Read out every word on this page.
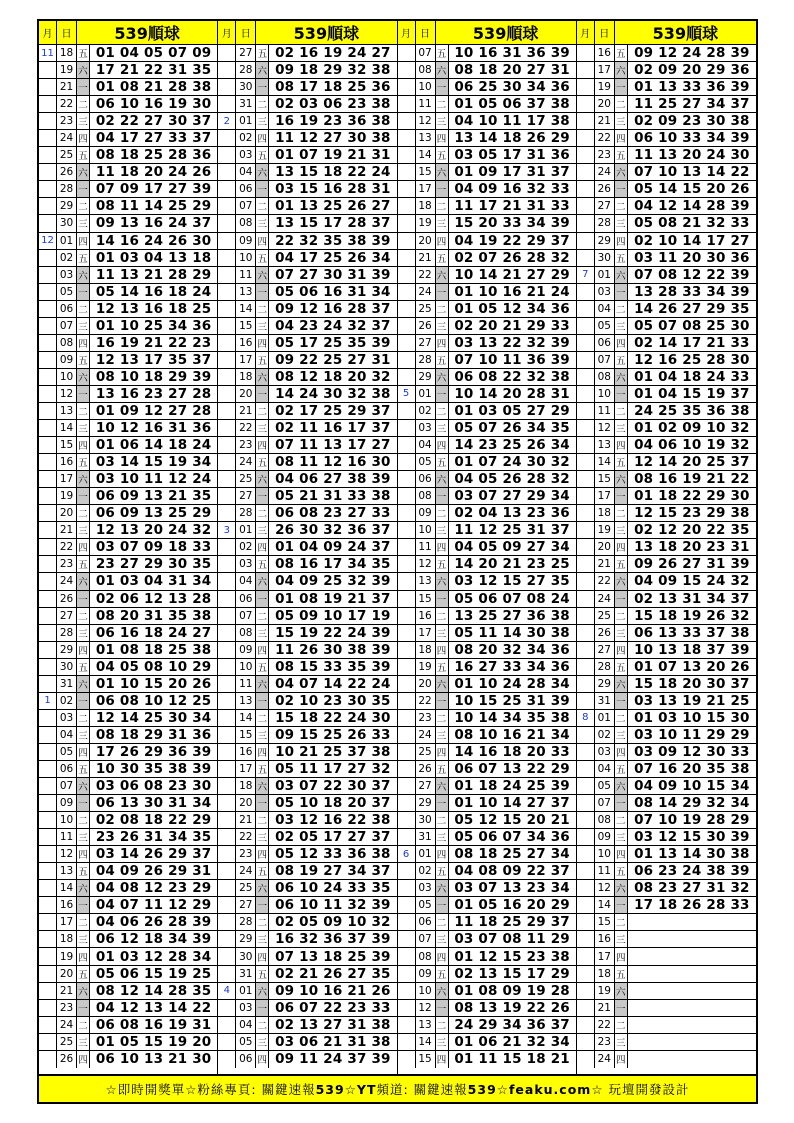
月 日	539順球
11 18 五 01 04 05 07 09
19 六 17 21 22 31 35
21 一 01 08 21 28 38
22 二 06 10 16 19 30
23 三 02 22 27 30 37
24 四 04 17 27 33 37
25 五 08 18 25 28 36
26 六 11 18 20 24 26
28 一 07 09 17 27 39
29 二 08 11 14 25 29
30 三 09 13 16 24 37
12 01 四 14 16 24 26 30
02 五 01 03 04 13 18
03 六 11 13 21 28 29
05 一 05 14 16 18 24
06 二 12 13 16 18 25
07 三 01 10 25 34 36
08 四 16 19 21 22 23
09 五 12 13 17 35 37
10 六 08 10 18 29 39
12 一 13 16 23 27 28
13 二 01 09 12 27 28
14 三 10 12 16 31 36
15 四 01 06 14 18 24
16 五 03 14 15 19 34
17 六 03 10 11 12 24
19 一 06 09 13 21 35
20 二 06 09 13 25 29
21 三 12 13 20 24 32
22 四 03 07 09 18 33
23 五 23 27 29 30 35
24 六 01 03 04 31 34
26 一 02 06 12 13 28
27 二 08 20 31 35 38
28 三 06 16 18 24 27
29 四 01 08 18 25 38
30 五 04 05 08 10 29
31 六 01 10 15 20 26
1 02 一 06 08 10 12 25
03 二 12 14 25 30 34
04 三 08 18 29 31 36
05 四 17 26 29 36 39
06 五 10 30 35 38 39
07 六 03 06 08 23 30
09 一 06 13 30 31 34
10 二 02 08 18 22 29
11 三 23 26 31 34 35
12 四 03 14 26 29 37
13 五 04 09 26 29 31
14 六 04 08 12 23 29
16 一 04 07 11 12 29
17 二 04 06 26 28 39
18 三 06 12 18 34 39
19 四 01 03 12 28 34
20 五 05 06 15 19 25
21 六 08 12 14 28 35
23 一 04 12 13 14 22
24 二 06 08 16 19 31
25 三 01 05 15 19 20
26 四 06 10 13 21 30
月 日	539順球
27 五 02 16 19 24 27
28 六 09 18 29 32 38
30 一 08 17 18 25 36
31 二 02 03 06 23 38
2 01 三 16 19 23 36 38
02 四 11 12 27 30 38
03 五 01 07 19 21 31
04 六 13 15 18 22 24
06 一 03 15 16 28 31
07 二 01 13 25 26 27
08 三 13 15 17 28 37
09 四 22 32 35 38 39
10 五 04 17 25 26 34
11 六 07 27 30 31 39
13 一 05 06 16 31 34
14 二 09 12 16 28 37
15 三 04 23 24 32 37
16 四 05 17 25 35 39
17 五 09 22 25 27 31
18 六 08 12 18 20 32
20 一 14 24 30 32 38
21 二 02 17 25 29 37
22 三 02 11 16 17 37
23 四 07 11 13 17 27
24 五 08 11 12 16 30
25 六 04 06 27 38 39
27 一 05 21 31 33 38
28 二 06 08 23 27 33
3 01 三 26 30 32 36 37
02 四 01 04 09 24 37
03 五 08 16 17 34 35
04 六 04 09 25 32 39
06 一 01 08 19 21 37
07 二 05 09 10 17 19
08 三 15 19 22 24 39
09 四 11 26 30 38 39
10 五 08 15 33 35 39
11 六 04 07 14 22 24
13 一 02 10 23 30 35
14 二 15 18 22 24 30
15 三 09 15 25 26 33
16 四 10 21 25 37 38
17 五 05 11 17 27 32
18 六 03 07 22 30 37
20 一 05 10 18 20 37
21 二 03 12 16 22 38
22 三 02 05 17 27 37
23 四 05 12 33 36 38
24 五 08 19 27 34 37
25 六 06 10 24 33 35
27 一 06 10 11 32 39
28 二 02 05 09 10 32
29 三 16 32 36 37 39
30 四 07 13 18 25 39
31 五 02 21 26 27 35
4 01 六 09 10 16 21 26
03 一 06 07 22 23 33
04 二 02 13 27 31 38
05 三 03 06 21 31 38
06 四 09 11 24 37 39
月 日	539順球
07 五 10 16 31 36 39
08 六 08 18 20 27 31
10 一 06 25 30 34 36
11 二 01 05 06 37 38
12 三 04 10 11 17 38
13 四 13 14 18 26 29
14 五 03 05 17 31 36
15 六 01 09 17 31 37
17 一 04 09 16 32 33
18 二 11 17 21 31 33
19 三 15 20 33 34 39
20 四 04 19 22 29 37
21 五 02 07 26 28 32
22 六 10 14 21 27 29
24 一 01 10 16 21 24
25 二 01 05 12 34 36
26 三 02 20 21 29 33
27 四 03 13 22 32 39
28 五 07 10 11 36 39
29 六 06 08 22 32 38
5 01 一 10 14 20 28 31
02 二 01 03 05 27 29
03 三 05 07 26 34 35
04 四 14 23 25 26 34
05 五 01 07 24 30 32
06 六 04 05 26 28 32
08 一 03 07 27 29 34
09 二 02 04 13 23 36
10 三 11 12 25 31 37
11 四 04 05 09 27 34
12 五 14 20 21 23 25
13 六 03 12 15 27 35
15 一 05 06 07 08 24
16 二 13 25 27 36 38
17 三 05 11 14 30 38
18 四 08 20 32 34 36
19 五 16 27 33 34 36
20 六 01 10 24 28 34
22 一 10 15 25 31 39
23 二 10 14 34 35 38
24 三 08 10 16 21 34
25 四 14 16 18 20 33
26 五 06 07 13 22 29
27 六 01 18 24 25 39
29 一 01 10 14 27 37
30 二 05 12 15 20 21
31 三 05 06 07 34 36
6 01 四 08 18 25 27 34
02 五 04 08 09 22 37
03 六 03 07 13 23 34
05 一 01 05 16 20 29
06 二 11 18 25 29 37
07 三 03 07 08 11 29
08 四 01 12 15 23 38
09 五 02 13 15 17 29
10 六 01 08 09 19 28
12 一 08 13 19 22 26
13 二 24 29 34 36 37
14 三 01 06 21 32 34
15 四 01 11 15 18 21
月 日	539順球
16 五 09 12 24 28 39
17 六 02 09 20 29 36
19 一 01 13 33 36 39
20 二 11 25 27 34 37
21 三 02 09 23 30 38
22 四 06 10 33 34 39
23 五 11 13 20 24 30
24 六 07 10 13 14 22
26 一 05 14 15 20 26
27 二 04 12 14 28 39
28 三 05 08 21 32 33
29 四 02 10 14 17 27
30 五 03 11 20 30 36
7 01 六 07 08 12 22 39
03 一 13 28 33 34 39
04 二 14 26 27 29 35
05 三 05 07 08 25 30
06 四 02 14 17 21 33
07 五 12 16 25 28 30
08 六 01 04 18 24 33
10 一 01 04 15 19 37
11 二 24 25 35 36 38
12 三 01 02 09 10 32
13 四 04 06 10 19 32
14 五 12 14 20 25 37
15 六 08 16 19 21 22
17 一 01 18 22 29 30
18 二 12 15 23 29 38
19 三 02 12 20 22 35
20 四 13 18 20 23 31
21 五 09 26 27 31 39
22 六 04 09 15 24 32
24 一 02 13 31 34 37
25 二 15 18 19 26 32
26 三 06 13 33 37 38
27 四 10 13 18 37 39
28 五 01 07 13 20 26
29 六 15 18 20 30 37
31 一 03 13 19 21 25
8 01 二 01 03 10 15 30
02 三 03 10 11 29 29
03 四 03 09 12 30 33
04 五 07 16 20 35 38
05 六 04 09 10 15 34
07 一 08 14 29 32 34
08 二 07 10 19 28 29
09 三 03 12 15 30 39
10 四 01 13 14 30 38
11 五 06 23 24 38 39
12 六 08 23 27 31 32
14 一 17 18 26 28 33
15 二
16 三
17 四
18 五
19 六
21 一
22 二
23 三
24 四
☆即時開獎單☆粉絲專頁: 關鍵速報 539 ☆ YT 頻道: 關鍵速報 539 ☆ feaku.com ☆ 玩壇開發設計
